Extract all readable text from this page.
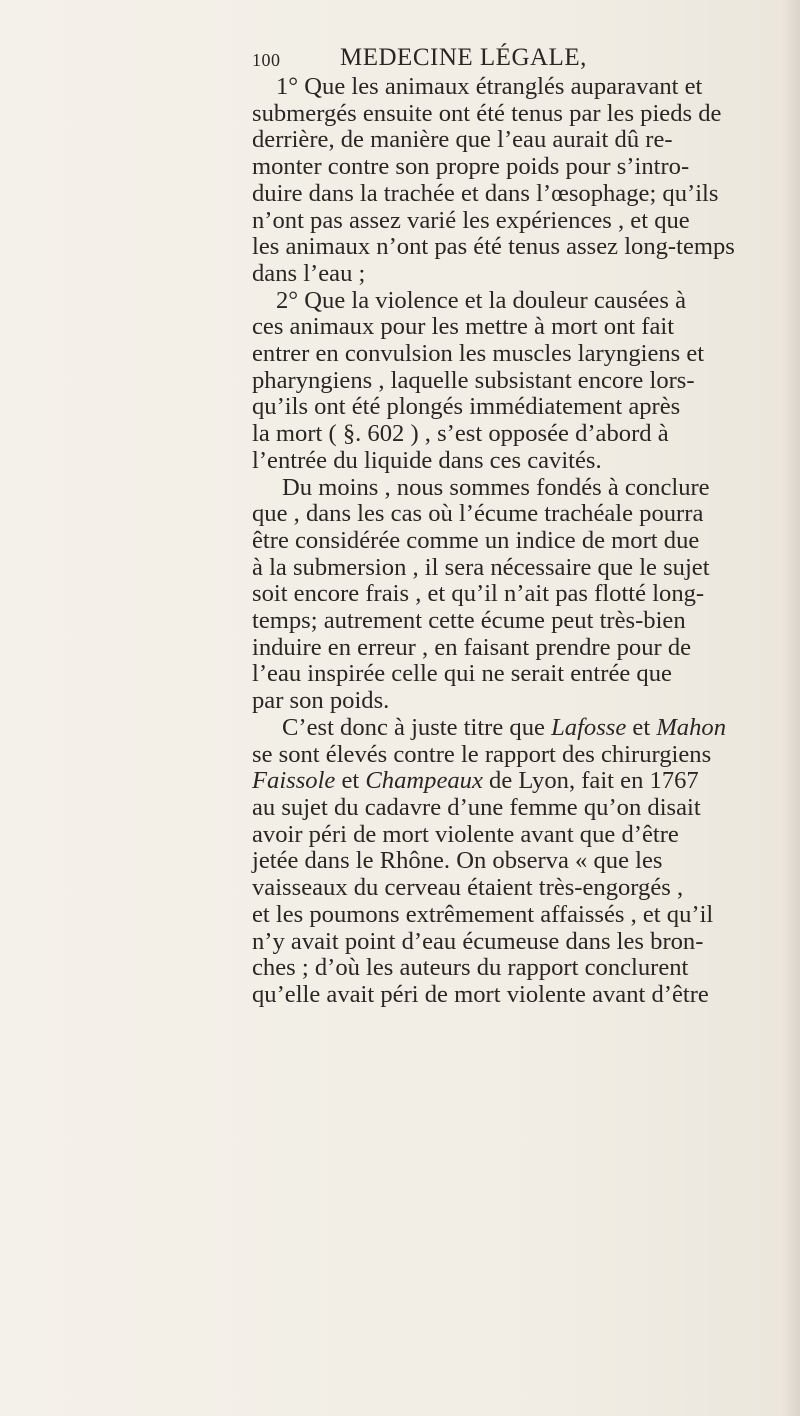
100 MEDECINE LÉGALE,
1° Que les animaux étranglés auparavant et submergés ensuite ont été tenus par les pieds de derrière, de manière que l’eau aurait dû re- monter contre son propre poids pour s’intro- duire dans la trachée et dans l’œsophage; qu’ils n’ont pas assez varié les expériences , et que les animaux n’ont pas été tenus assez long-temps dans l’eau ; 2° Que la violence et la douleur causées à ces animaux pour les mettre à mort ont fait entrer en convulsion les muscles laryngiens et pharyngiens , laquelle subsistant encore lors- qu’ils ont été plongés immédiatement après la mort ( §. 602 ) , s’est opposée d’abord à l’entrée du liquide dans ces cavités. Du moins , nous sommes fondés à conclure que , dans les cas où l’écume trachéale pourra être considérée comme un indice de mort due à la submersion , il sera nécessaire que le sujet soit encore frais , et qu’il n’ait pas flotté long- temps; autrement cette écume peut très-bien induire en erreur , en faisant prendre pour de l’eau inspirée celle qui ne serait entrée que par son poids. C’est donc à juste titre que Lafosse et Mahon se sont élevés contre le rapport des chirurgiens Faissole et Champeaux de Lyon, fait en 1767 au sujet du cadavre d’une femme qu’on disait avoir péri de mort violente avant que d’être jetée dans le Rhône. On observa « que les vaisseaux du cerveau étaient très-engorgés , et les poumons extrêmement affaissés , et qu’il n’y avait point d’eau écumeuse dans les bron- ches ; d’où les auteurs du rapport conclurent qu’elle avait péri de mort violente avant d’être
